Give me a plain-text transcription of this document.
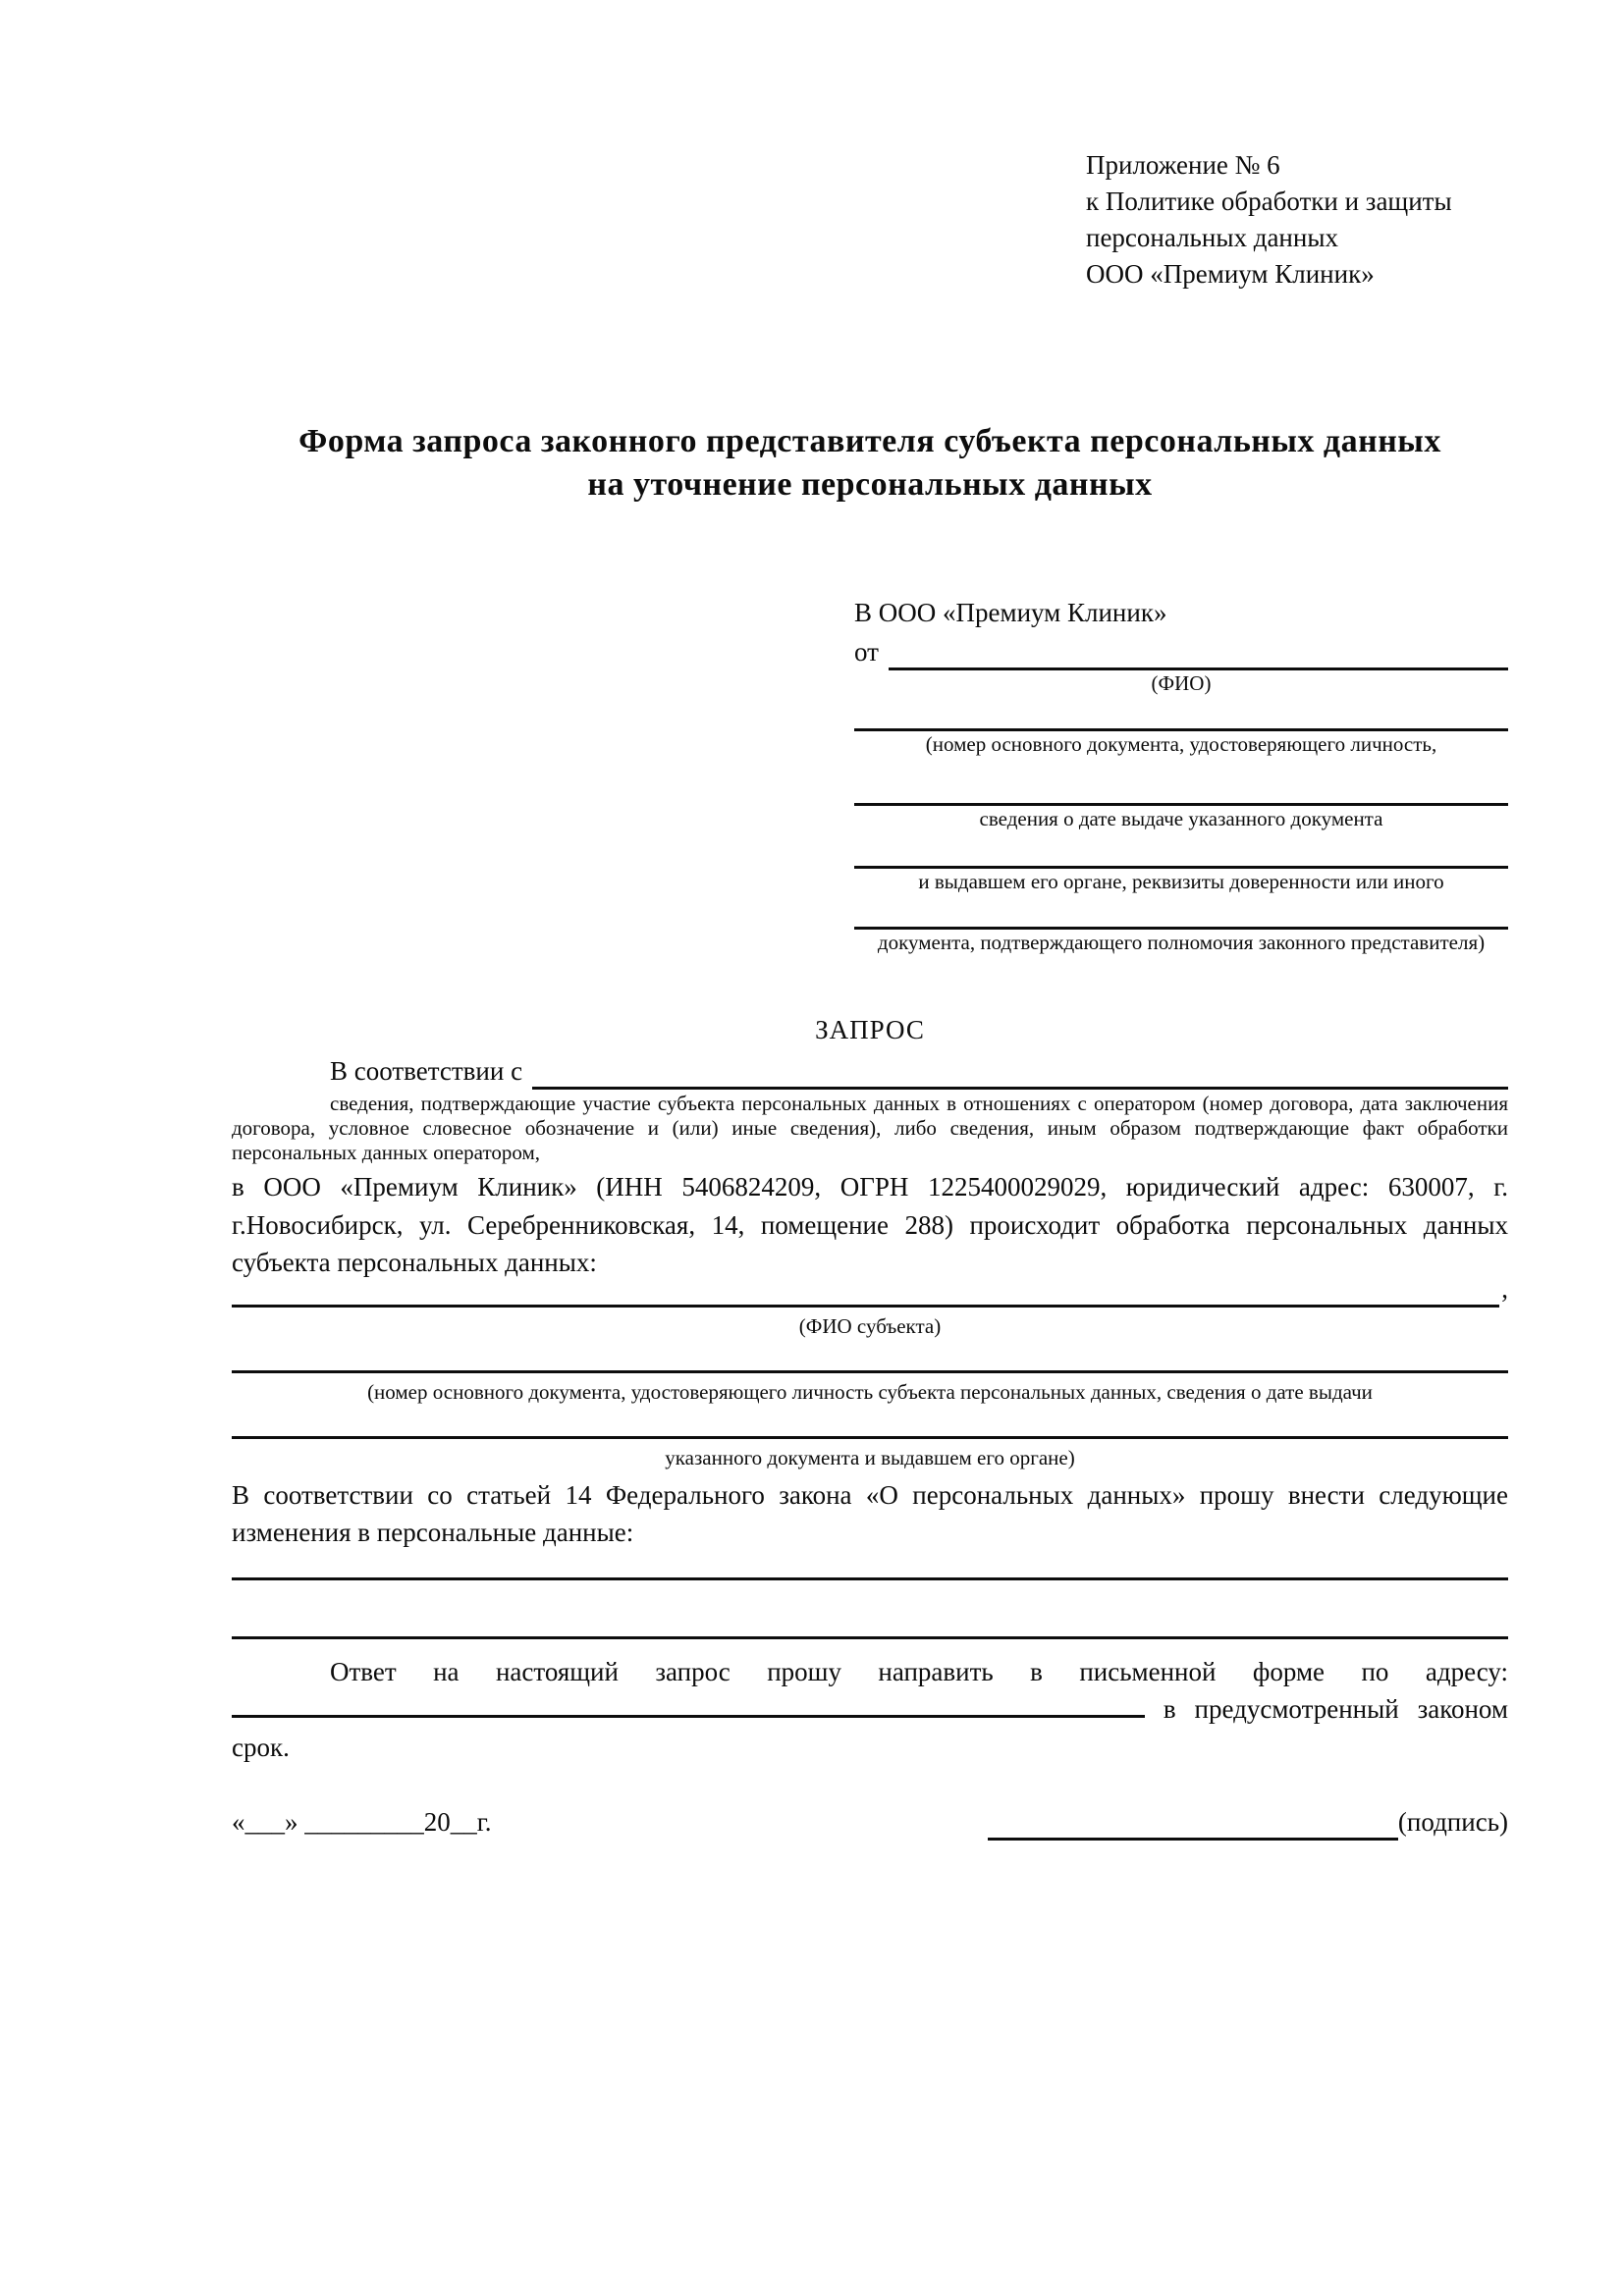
Приложение № 6
к Политике обработки и защиты
персональных данных
ООО «Премиум Клиник»
Форма запроса законного представителя субъекта персональных данных
на уточнение персональных данных
В ООО «Премиум Клиник»
от
(ФИО)
(номер основного документа, удостоверяющего личность,
сведения о дате выдаче указанного документа
и выдавшем его органе, реквизиты доверенности или иного
документа, подтверждающего полномочия законного представителя)
ЗАПРОС
В соответствии с
сведения, подтверждающие участие субъекта персональных данных в отношениях с оператором (номер договора, дата заключения договора, условное словесное обозначение и (или) иные сведения), либо сведения, иным образом подтверждающие факт обработки персональных данных оператором,
в ООО «Премиум Клиник» (ИНН 5406824209, ОГРН 1225400029029, юридический адрес: 630007, г. г.Новосибирск, ул. Серебренниковская, 14, помещение 288) происходит обработка персональных данных субъекта персональных данных:
,
(ФИО субъекта)
(номер основного документа, удостоверяющего личность субъекта персональных данных, сведения о дате выдачи
указанного документа и выдавшем его органе)
В соответствии со статьей 14 Федерального закона «О персональных данных» прошу внести следующие изменения в персональные данные:
Ответ на настоящий запрос прошу направить в письменной форме по адресу:  в предусмотренный законом срок.
«___» _________20__г.	(подпись)
